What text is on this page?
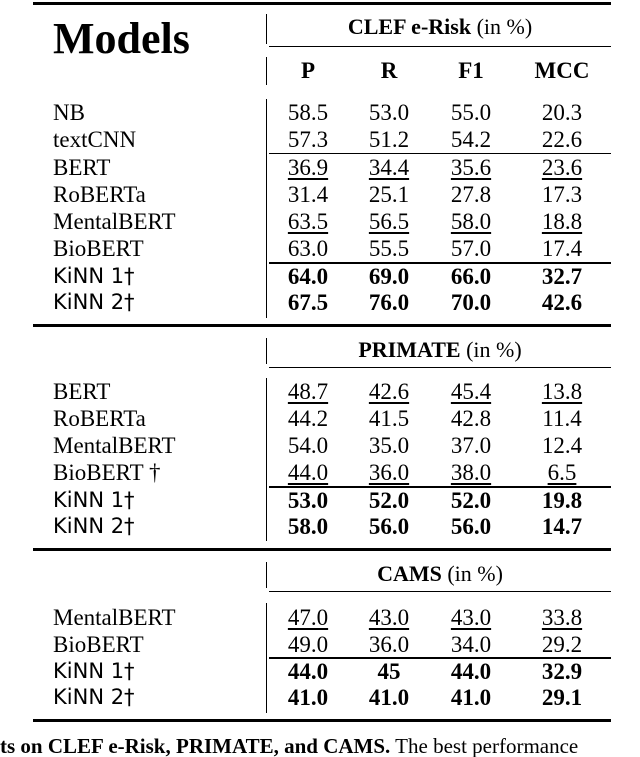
Models	CLEF e-Risk (in %)
P	R	F1	MCC
NB	58.5	53.0	55.0	20.3
textCNN	57.3	51.2	54.2	22.6
BERT	36.9	34.4	35.6	23.6
RoBERTa	31.4	25.1	27.8	17.3
MentalBERT	63.5	56.5	58.0	18.8
BioBERT	63.0	55.5	57.0	17.4
KiNN 1†	64.0	69.0	66.0	32.7
KiNN 2†	67.5	76.0	70.0	42.6
PRIMATE (in %)
BERT	48.7	42.6	45.4	13.8
RoBERTa	44.2	41.5	42.8	11.4
MentalBERT	54.0	35.0	37.0	12.4
BioBERT †	44.0	36.0	38.0	6.5
KiNN 1†	53.0	52.0	52.0	19.8
KiNN 2†	58.0	56.0	56.0	14.7
CAMS (in %)
MentalBERT	47.0	43.0	43.0	33.8
BioBERT	49.0	36.0	34.0	29.2
KiNN 1†	44.0	45	44.0	32.9
KiNN 2†	41.0	41.0	41.0	29.1
ts on CLEF e-Risk, PRIMATE, and CAMS. The best performance
